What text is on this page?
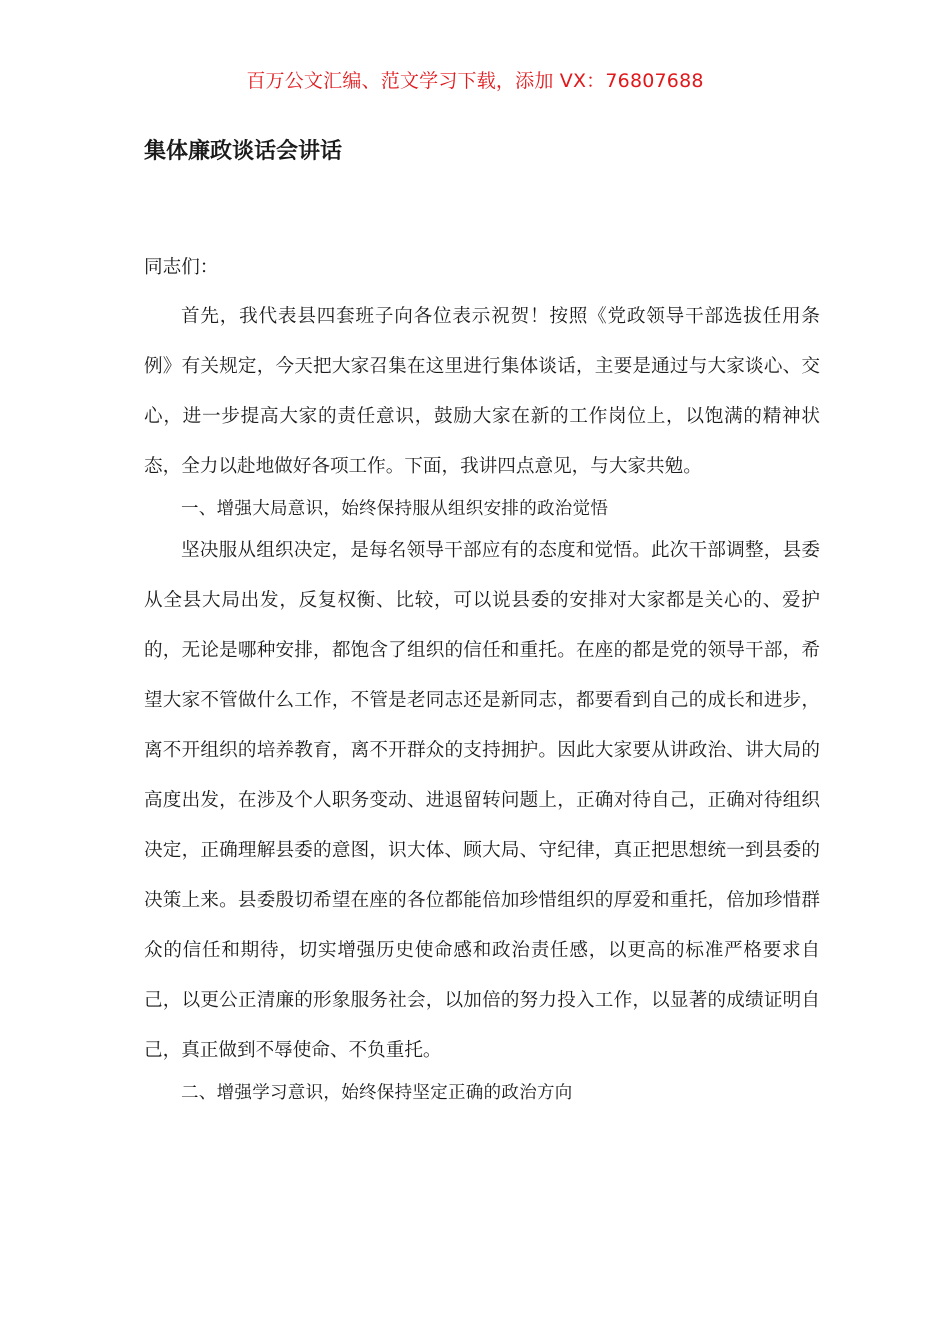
百万公文汇编、范文学习下载，添加 VX：76807688
集体廉政谈话会讲话

同志们：

首先，我代表县四套班子向各位表示祝贺！按照《党政领导干部选拔任用条例》有关规定，今天把大家召集在这里进行集体谈话，主要是通过与大家谈心、交心，进一步提高大家的责任意识，鼓励大家在新的工作岗位上，以饱满的精神状态，全力以赴地做好各项工作。下面，我讲四点意见，与大家共勉。

一、增强大局意识，始终保持服从组织安排的政治觉悟

坚决服从组织决定，是每名领导干部应有的态度和觉悟。此次干部调整，县委从全县大局出发，反复权衡、比较，可以说县委的安排对大家都是关心的、爱护的，无论是哪种安排，都饱含了组织的信任和重托。在座的都是党的领导干部，希望大家不管做什么工作，不管是老同志还是新同志，都要看到自己的成长和进步，离不开组织的培养教育，离不开群众的支持拥护。因此大家要从讲政治、讲大局的高度出发，在涉及个人职务变动、进退留转问题上，正确对待自己，正确对待组织决定，正确理解县委的意图，识大体、顾大局、守纪律，真正把思想统一到县委的决策上来。县委殷切希望在座的各位都能倍加珍惜组织的厚爱和重托，倍加珍惜群众的信任和期待，切实增强历史使命感和政治责任感，以更高的标准严格要求自己，以更公正清廉的形象服务社会，以加倍的努力投入工作，以显著的成绩证明自己，真正做到不辱使命、不负重托。

二、增强学习意识，始终保持坚定正确的政治方向
